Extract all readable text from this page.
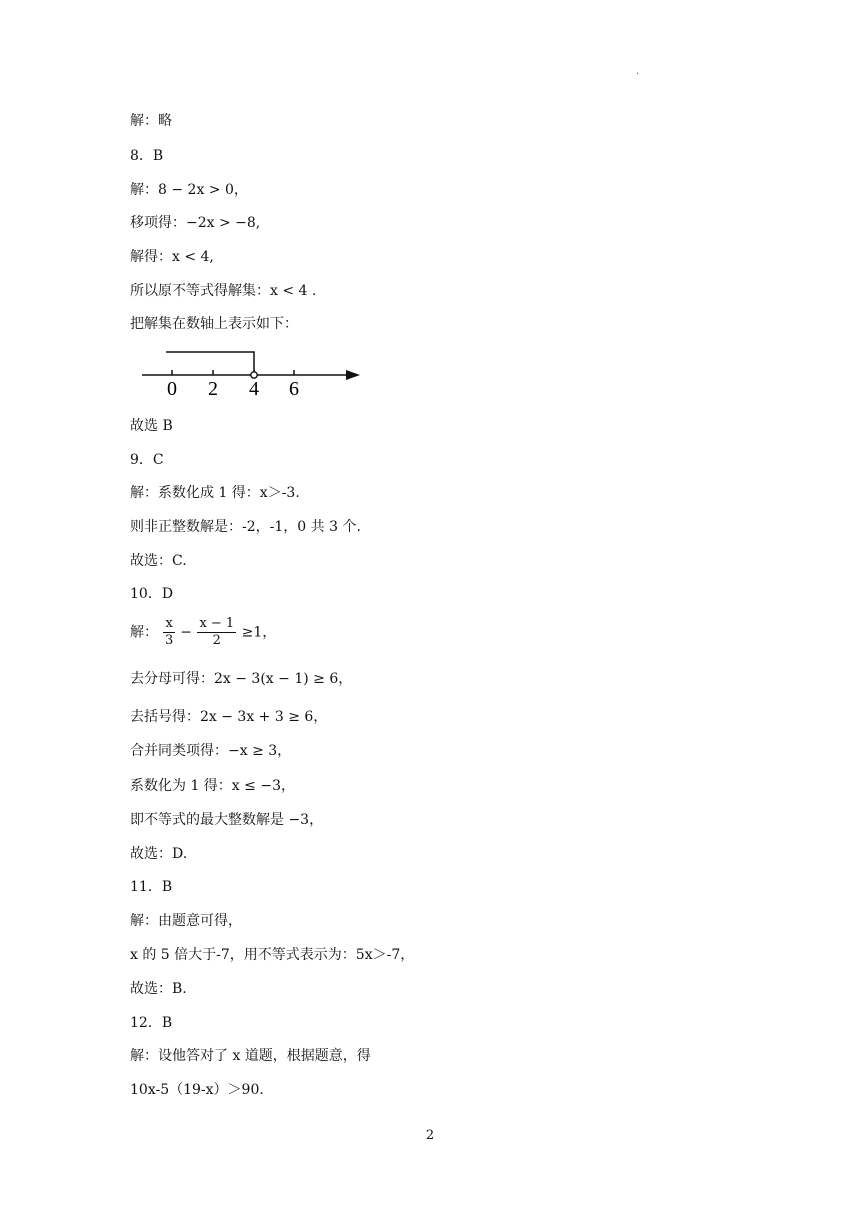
.
解：略
8．B
解：8 − 2x > 0，
移项得：−2x > −8,
解得：x < 4,
所以原不等式得解集：x < 4 .
把解集在数轴上表示如下：
0 2 4 6
故选 B
9．C
解：系数化成 1 得：x＞-3.
则非正整数解是：-2，-1，0 共 3 个.
故选：C.
10．D
解： $\frac{x}{3} - \frac{x - 1}{2} \ge 1$，
去分母可得：2x − 3(x − 1) ≥ 6，
去括号得：2x − 3x + 3 ≥ 6，
合并同类项得：−x ≥ 3，
系数化为 1 得：x ≤ −3，
即不等式的最大整数解是 −3，
故选：D.
11．B
解：由题意可得，
x 的 5 倍大于-7，用不等式表示为：5x＞-7，
故选：B.
12．B
解：设他答对了 x 道题，根据题意，得
10x-5（19-x）＞90.
2
